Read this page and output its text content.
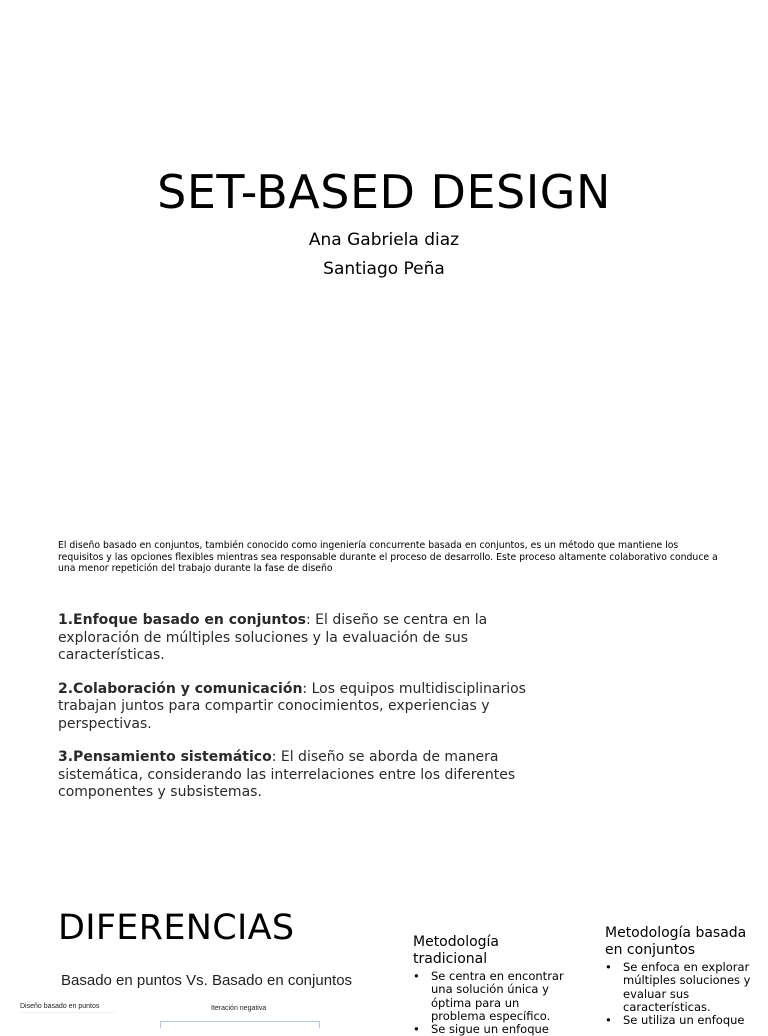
SET-BASED DESIGN
Ana Gabriela diaz
Santiago Peña
El diseño basado en conjuntos, también conocido como ingeniería concurrente basada en conjuntos, es un método que mantiene los requisitos y las opciones flexibles mientras sea responsable durante el proceso de desarrollo. Este proceso altamente colaborativo conduce a una menor repetición del trabajo durante la fase de diseño

1.Enfoque basado en conjuntos: El diseño se centra en la exploración de múltiples soluciones y la evaluación de sus características.

2.Colaboración y comunicación: Los equipos multidisciplinarios trabajan juntos para compartir conocimientos, experiencias y perspectivas.

3.Pensamiento sistemático: El diseño se aborda de manera sistemática, considerando las interrelaciones entre los diferentes componentes y subsistemas.

DIFERENCIAS
Basado en puntos Vs. Basado en conjuntos
Diseño basado en puntos	Iteración negativa
Metodología tradicional
• Se centra en encontrar una solución única y óptima para un problema específico.
• Se sigue un enfoque
Metodología basada en conjuntos
• Se enfoca en explorar múltiples soluciones y evaluar sus características.
• Se utiliza un enfoque
